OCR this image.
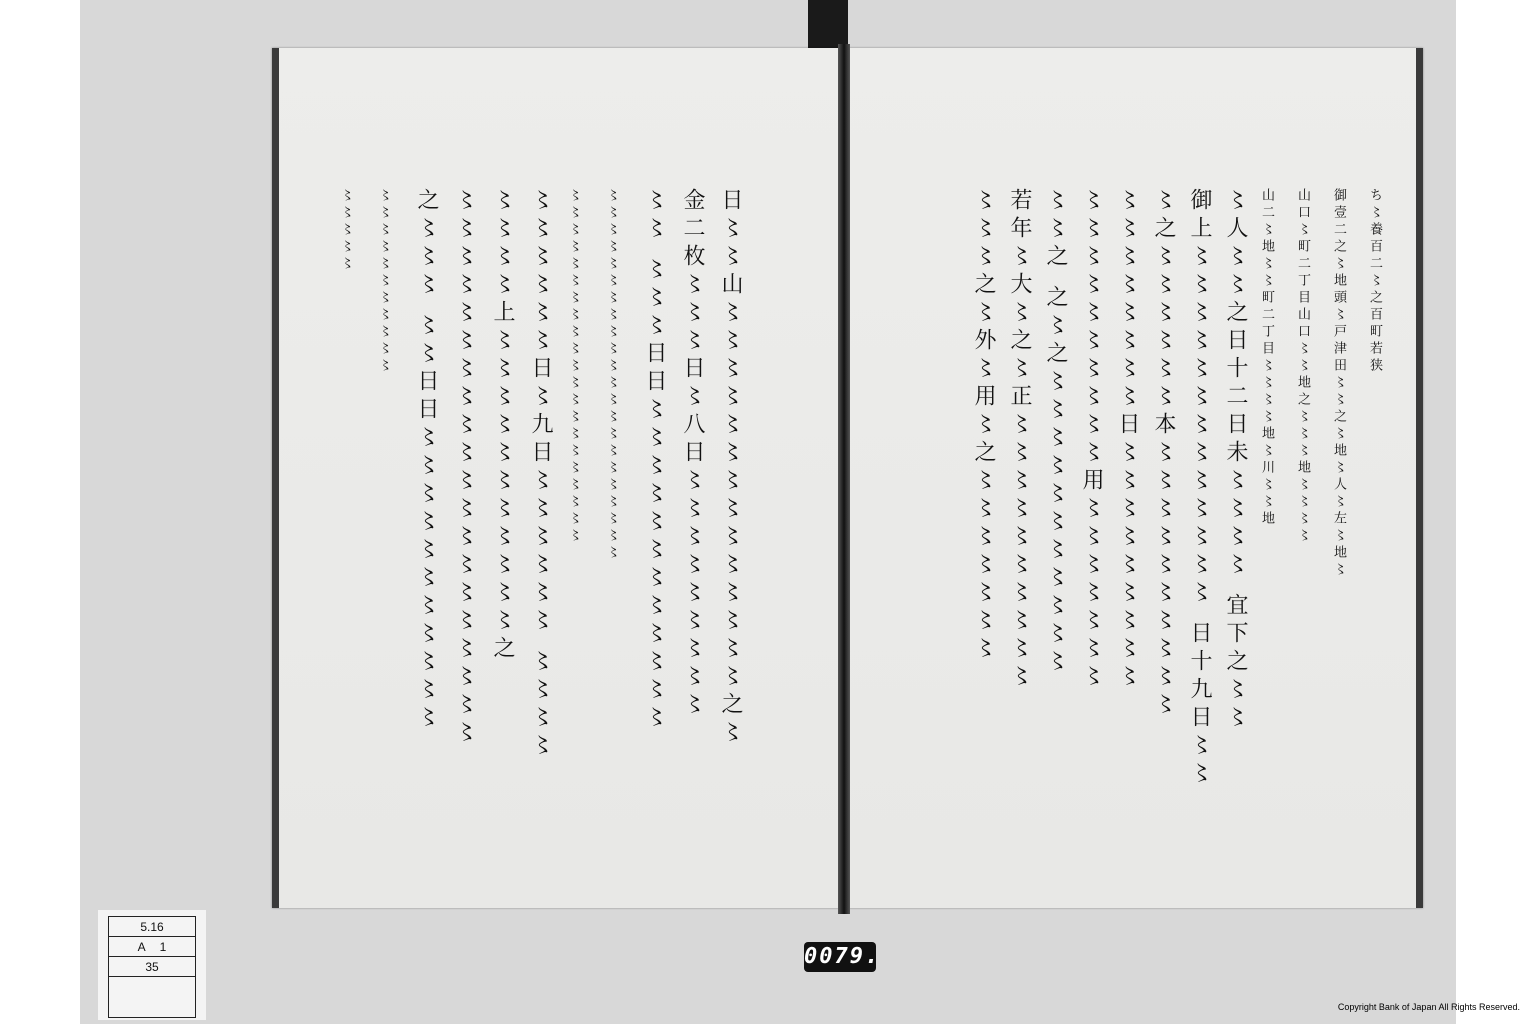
日〻〻山〻〻〻〻〻〻〻〻〻〻〻〻〻〻之〻
金二枚〻〻〻日〻八日〻〻〻〻〻〻〻〻〻
〻〻 〻〻〻日日〻〻〻〻〻〻〻〻〻〻〻〻
〻〻〻〻〻〻〻〻〻〻〻〻〻〻〻〻〻〻〻〻〻〻
〻〻〻〻〻〻〻〻〻〻〻〻〻〻〻〻〻〻〻〻〻
〻〻〻〻〻〻日〻九日〻〻〻〻〻〻 〻〻〻〻
〻〻〻〻上〻〻〻〻〻〻〻〻〻〻〻之
〻〻〻〻〻〻〻〻〻〻〻〻〻〻〻〻〻〻〻〻
之〻〻〻 〻〻日日〻〻〻〻〻〻〻〻〻〻〻
〻〻〻〻〻〻〻〻〻〻〻
〻〻〻〻〻	ち〻養百二〻之百町若狭
御壹二之〻地頭〻戸津田〻〻之〻地〻人〻左〻地〻
山口〻町二丁目山口〻〻地之〻〻〻地〻〻〻〻
山二〻地〻〻町二丁目〻〻〻〻地〻川〻〻地
〻人〻〻之日十二日未〻〻〻〻 宜下之〻〻
御上〻〻〻〻〻〻〻〻〻〻〻〻〻 日十九日〻〻
〻之〻〻〻〻〻〻本〻〻〻〻〻〻〻〻〻〻
〻〻〻〻〻〻〻〻日〻〻〻〻〻〻〻〻〻
〻〻〻〻〻〻〻〻〻〻用〻〻〻〻〻〻〻
〻〻之 之〻之〻〻〻〻〻〻〻〻〻〻〻
若年〻大〻之〻正〻〻〻〻〻〻〻〻〻〻
〻〻〻之〻外〻用〻之〻〻〻〻〻〻〻
5.16
A 1
35	0079.
Copyright Bank of Japan All Rights Reserved.
